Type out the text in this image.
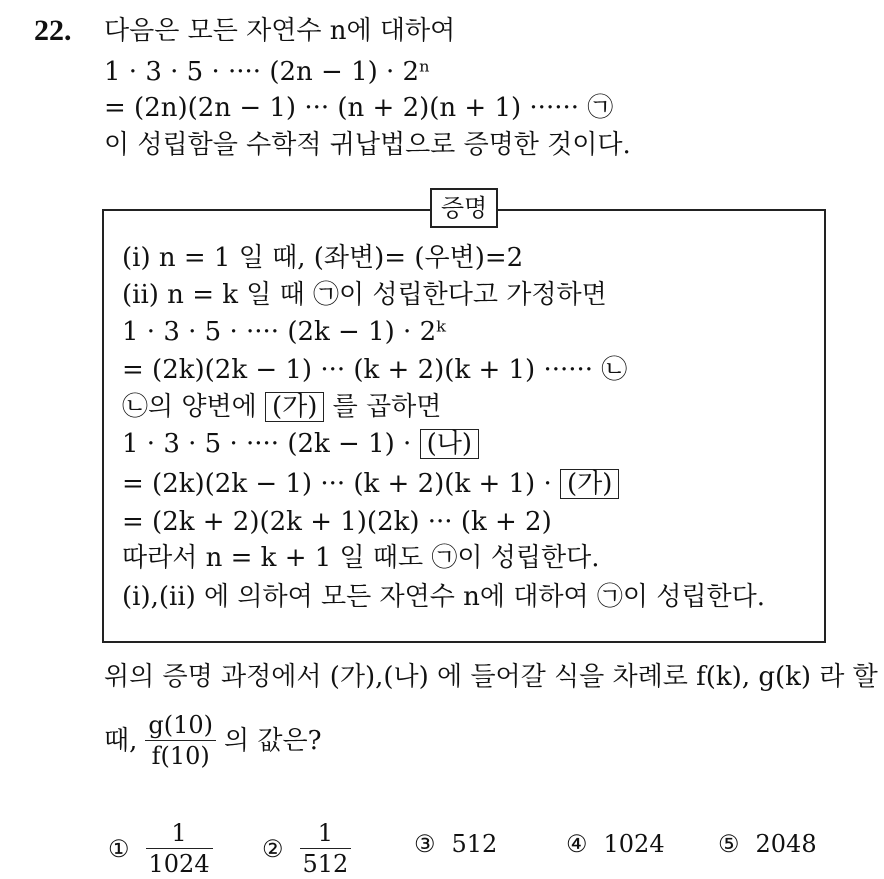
22. 다음은 모든 자연수 n에 대하여
1 · 3 · 5 · ···· (2n − 1) · 2ⁿ
= (2n)(2n − 1) ··· (n + 2)(n + 1) ······ ㉠
이 성립함을 수학적 귀납법으로 증명한 것이다.
증명
(i) n = 1 일 때, (좌변)= (우변)=2
(ii) n = k 일 때 ㉠이 성립한다고 가정하면
1 · 3 · 5 · ···· (2k − 1) · 2ᵏ
= (2k)(2k − 1) ··· (k + 2)(k + 1) ······ ㉡
㉡의 양변에 (가) 를 곱하면
1 · 3 · 5 · ···· (2k − 1) · (나)
= (2k)(2k − 1) ··· (k + 2)(k + 1) · (가)
= (2k + 2)(2k + 1)(2k) ··· (k + 2)
따라서 n = k + 1 일 때도 ㉠이 성립한다.
(i),(ii) 에 의하여 모든 자연수 n에 대하여 ㉠이 성립한다.
위의 증명 과정에서 (가),(나) 에 들어갈 식을 차례로 f(k), g(k) 라 할
때, $\frac{g(10)}{f(10)}$ 의 값은?
① $\frac{1}{1024}$ ② $\frac{1}{512}$	③ 512	④ 1024 ⑤ 2048
